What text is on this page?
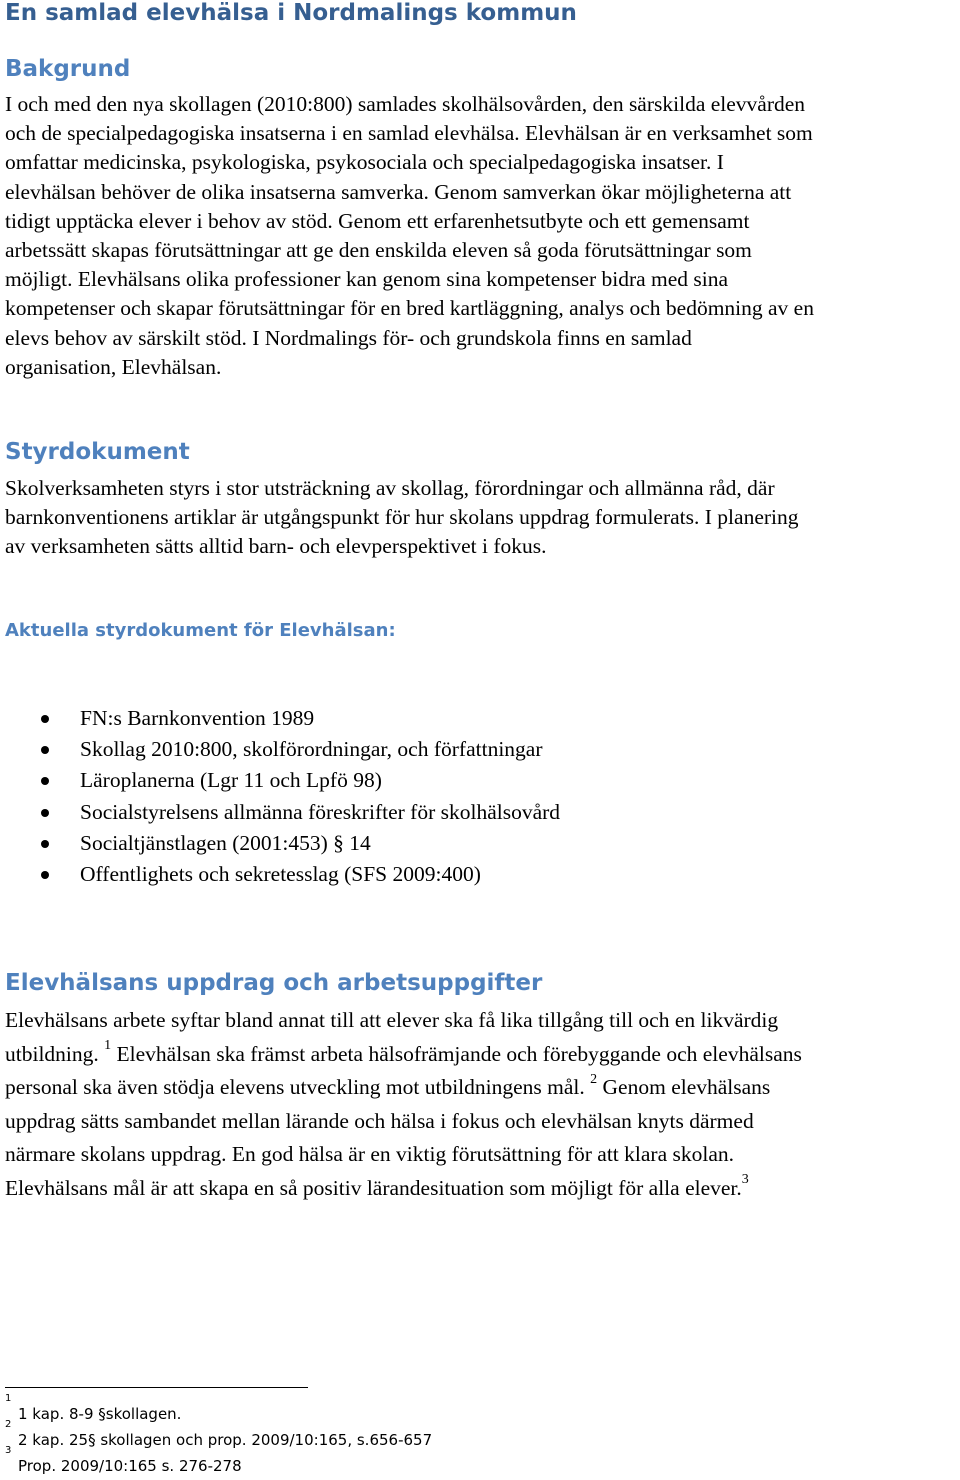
En samlad elevhälsa i Nordmalings kommun
Bakgrund
I och med den nya skollagen (2010:800) samlades skolhälsovården, den särskilda elevvården
och de specialpedagogiska insatserna i en samlad elevhälsa. Elevhälsan är en verksamhet som
omfattar medicinska, psykologiska, psykosociala och specialpedagogiska insatser. I
elevhälsan behöver de olika insatserna samverka. Genom samverkan ökar möjligheterna att
tidigt upptäcka elever i behov av stöd. Genom ett erfarenhetsutbyte och ett gemensamt
arbetssätt skapas förutsättningar att ge den enskilda eleven så goda förutsättningar som
möjligt. Elevhälsans olika professioner kan genom sina kompetenser bidra med sina
kompetenser och skapar förutsättningar för en bred kartläggning, analys och bedömning av en
elevs behov av särskilt stöd. I Nordmalings för- och grundskola finns en samlad
organisation, Elevhälsan.
Styrdokument
Skolverksamheten styrs i stor utsträckning av skollag, förordningar och allmänna råd, där
barnkonventionens artiklar är utgångspunkt för hur skolans uppdrag formulerats. I planering
av verksamheten sätts alltid barn- och elevperspektivet i fokus.
Aktuella styrdokument för Elevhälsan:
FN:s Barnkonvention 1989
Skollag 2010:800, skolförordningar, och författningar
Läroplanerna (Lgr 11 och Lpfö 98)
Socialstyrelsens allmänna föreskrifter för skolhälsovård
Socialtjänstlagen (2001:453) § 14
Offentlighets och sekretesslag (SFS 2009:400)
Elevhälsans uppdrag och arbetsuppgifter
Elevhälsans arbete syftar bland annat till att elever ska få lika tillgång till och en likvärdig
utbildning. $^1$ Elevhälsan ska främst arbeta hälsofrämjande och förebyggande och elevhälsans
personal ska även stödja elevens utveckling mot utbildningens mål. $^2$ Genom elevhälsans
uppdrag sätts sambandet mellan lärande och hälsa i fokus och elevhälsan knyts därmed
närmare skolans uppdrag. En god hälsa är en viktig förutsättning för att klara skolan.
Elevhälsans mål är att skapa en så positiv lärandesituation som möjligt för alla elever.$^3$
1
1 kap. 8-9 §skollagen.
2
2 kap. 25§ skollagen och prop. 2009/10:165, s.656-657
3
Prop. 2009/10:165 s. 276-278
